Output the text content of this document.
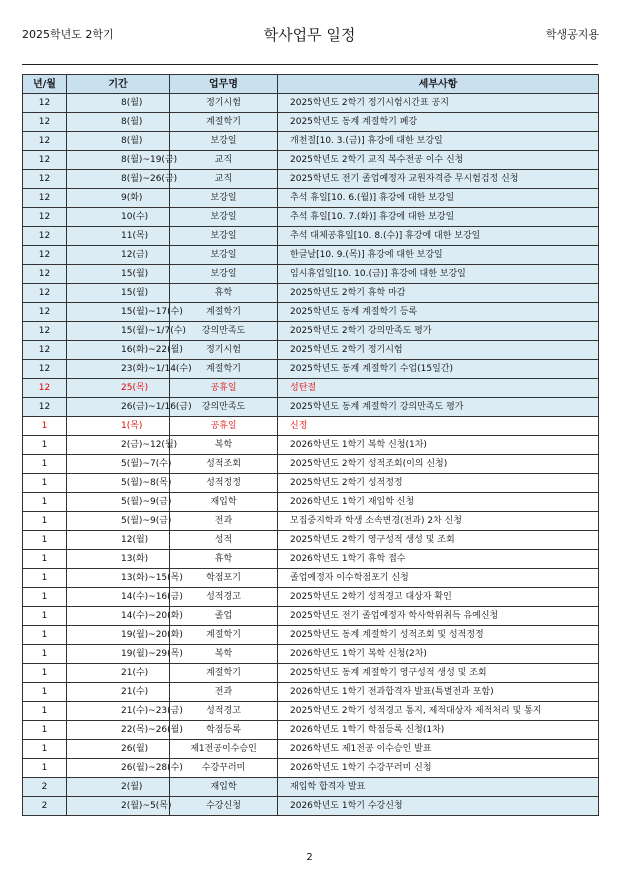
2025학년도 2학기	학사업무 일정	학생공지용
년/월	기간	업무명	세부사항
12	8(월)	정기시험	2025학년도 2학기 정기시험시간표 공지
12	8(월)	계절학기	2025학년도 동계 계절학기 폐강
12	8(월)	보강일	개천절[10. 3.(금)] 휴강에 대한 보강일
12	8(월)~19(금)	교직	2025학년도 2학기 교직 복수전공 이수 신청
12	8(월)~26(금)	교직	2025학년도 전기 졸업예정자 교원자격증 무시험검정 신청
12	9(화)	보강일	추석 휴일[10. 6.(월)] 휴강에 대한 보강일
12	10(수)	보강일	추석 휴일[10. 7.(화)] 휴강에 대한 보강일
12	11(목)	보강일	추석 대체공휴일[10. 8.(수)] 휴강에 대한 보강일
12	12(금)	보강일	한글날[10. 9.(목)] 휴강에 대한 보강일
12	15(월)	보강일	임시휴업일[10. 10.(금)] 휴강에 대한 보강일
12	15(월)	휴학	2025학년도 2학기 휴학 마감
12	15(월)~17(수)	계절학기	2025학년도 동계 계절학기 등록
12	15(월)~1/7(수)	강의만족도	2025학년도 2학기 강의만족도 평가
12	16(화)~22(월)	정기시험	2025학년도 2학기 정기시험
12	23(화)~1/14(수)	계절학기	2025학년도 동계 계절학기 수업(15일간)
12	25(목)	공휴일	성탄절
12	26(금)~1/16(금)	강의만족도	2025학년도 동계 계절학기 강의만족도 평가
1	1(목)	공휴일	신정
1	2(금)~12(월)	복학	2026학년도 1학기 복학 신청(1차)
1	5(월)~7(수)	성적조회	2025학년도 2학기 성적조회(이의 신청)
1	5(월)~8(목)	성적정정	2025학년도 2학기 성적정정
1	5(월)~9(금)	재입학	2026학년도 1학기 재입학 신청
1	5(월)~9(금)	전과	모집중지학과 학생 소속변경(전과) 2차 신청
1	12(월)	성적	2025학년도 2학기 영구성적 생성 및 조회
1	13(화)	휴학	2026학년도 1학기 휴학 접수
1	13(화)~15(목)	학점포기	졸업예정자 이수학점포기 신청
1	14(수)~16(금)	성적경고	2025학년도 2학기 성적경고 대상자 확인
1	14(수)~20(화)	졸업	2025학년도 전기 졸업예정자 학사학위취득 유예신청
1	19(월)~20(화)	계절학기	2025학년도 동계 계절학기 성적조회 및 성적정정
1	19(월)~29(목)	복학	2026학년도 1학기 복학 신청(2차)
1	21(수)	계절학기	2025학년도 동계 계절학기 영구성적 생성 및 조회
1	21(수)	전과	2026학년도 1학기 전과합격자 발표(특별전과 포함)
1	21(수)~23(금)	성적경고	2025학년도 2학기 성적경고 통지, 제적대상자 제적처리 및 통지
1	22(목)~26(월)	학점등록	2026학년도 1학기 학점등록 신청(1차)
1	26(월)	제1전공이수승인	2026학년도 제1전공 이수승인 발표
1	26(월)~28(수)	수강꾸러미	2026학년도 1학기 수강꾸러미 신청
2	2(월)	재입학	재입학 합격자 발표
2	2(월)~5(목)	수강신청	2026학년도 1학기 수강신청
2
